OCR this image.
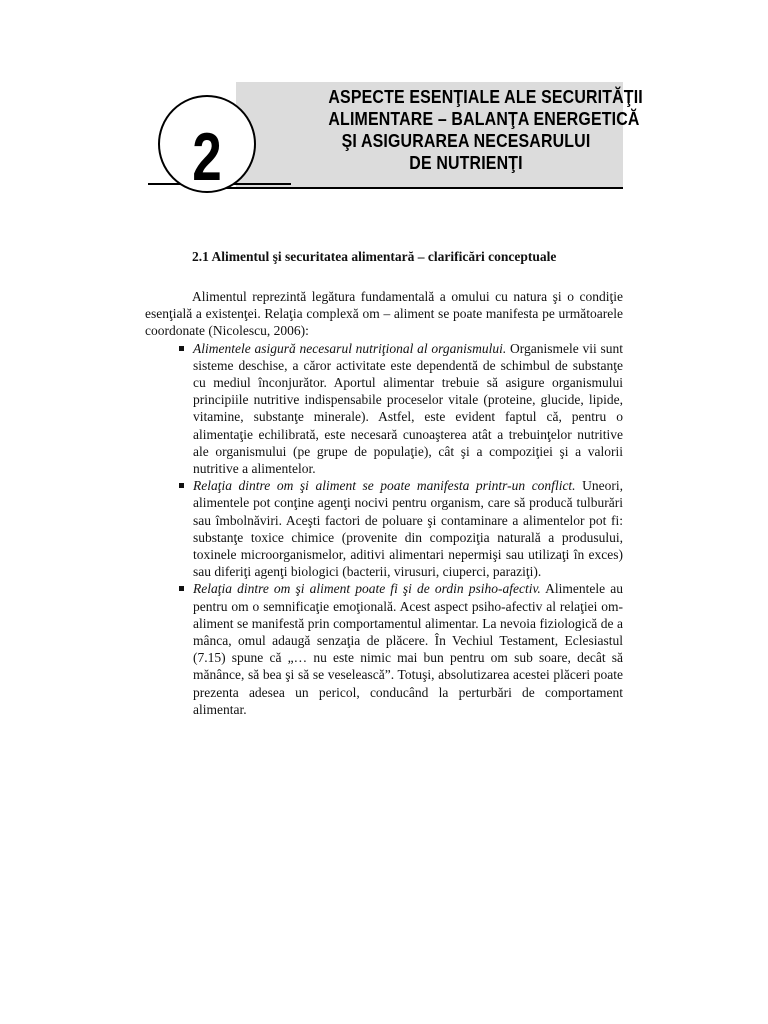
2
ASPECTE ESENŢIALE ALE SECURITĂŢII
ALIMENTARE – BALANŢA ENERGETICĂ
ŞI ASIGURAREA NECESARULUI
DE NUTRIENŢI
2.1 Alimentul şi securitatea alimentară – clarificări conceptuale

Alimentul reprezintă legătura fundamentală a omului cu natura şi o condiţie esenţială a existenţei. Relaţia complexă om – aliment se poate manifesta pe următoarele coordonate (Nicolescu, 2006):

Alimentele asigură necesarul nutriţional al organismului. Organismele vii sunt sisteme deschise, a căror activitate este dependentă de schimbul de substanţe cu mediul înconjurător. Aportul alimentar trebuie să asigure organismului principiile nutritive indispensabile proceselor vitale (proteine, glucide, lipide, vitamine, substanţe minerale). Astfel, este evident faptul că, pentru o alimentaţie echilibrată, este necesară cunoaşterea atât a trebuinţelor nutritive ale organismului (pe grupe de populaţie), cât şi a compoziţiei şi a valorii nutritive a alimentelor.
Relaţia dintre om şi aliment se poate manifesta printr-un conflict. Uneori, alimentele pot conţine agenţi nocivi pentru organism, care să producă tulburări sau îmbolnăviri. Aceşti factori de poluare şi contaminare a alimentelor pot fi: substanţe toxice chimice (provenite din compoziţia naturală a produsului, toxinele microorganismelor, aditivi alimentari nepermişi sau utilizaţi în exces) sau diferiţi agenţi biologici (bacterii, virusuri, ciuperci, paraziţi).
Relaţia dintre om şi aliment poate fi şi de ordin psiho-afectiv. Alimentele au pentru om o semnificaţie emoţională. Acest aspect psiho-afectiv al relaţiei om-aliment se manifestă prin comportamentul alimentar. La nevoia fiziologică de a mânca, omul adaugă senzaţia de plăcere. În Vechiul Testament, Eclesiastul (7.15) spune că „… nu este nimic mai bun pentru om sub soare, decât să mănânce, să bea şi să se veselească”. Totuşi, absolutizarea acestei plăceri poate prezenta adesea un pericol, conducând la perturbări de comportament alimentar.
